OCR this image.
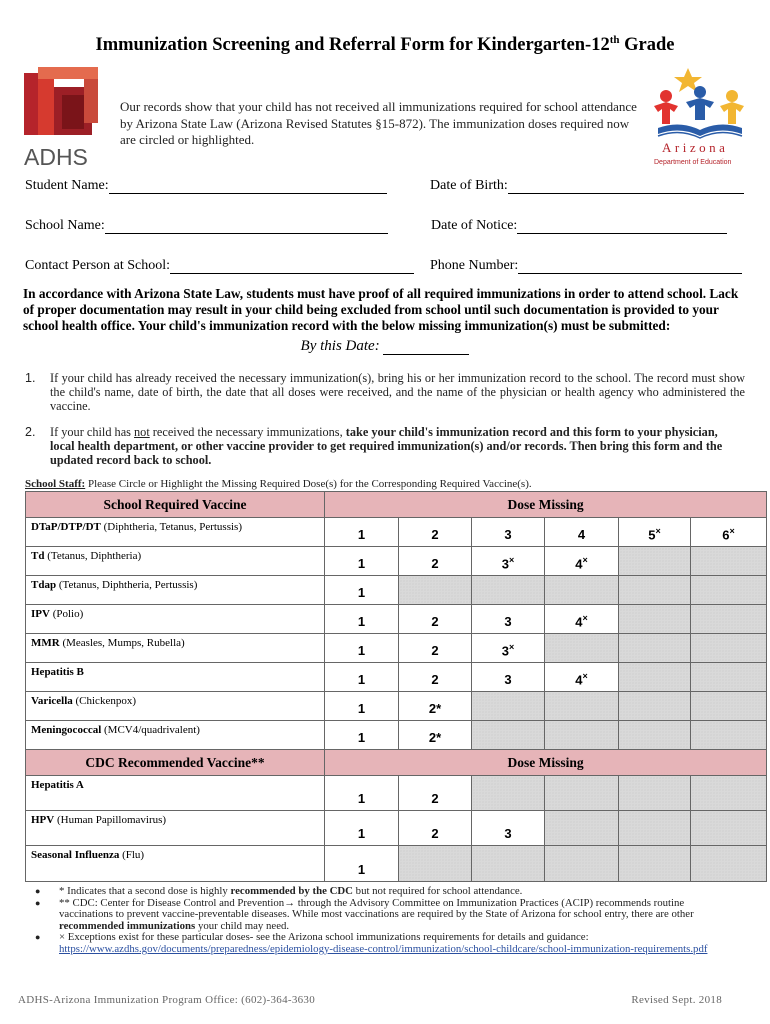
Immunization Screening and Referral Form for Kindergarten-12th Grade
ADHS	Arizona
Department of Education
Our records show that your child has not received all immunizations required for school attendance by Arizona State Law (Arizona Revised Statutes §15-872). The immunization doses required now are circled or highlighted.
Student Name:	Date of Birth:
School Name:	Date of Notice:
Contact Person at School:	Phone Number:
In accordance with Arizona State Law, students must have proof of all required immunizations in order to attend school. Lack of proper documentation may result in your child being excluded from school until such documentation is provided to your school health office. Your child's immunization record with the below missing immunization(s) must be submitted:
By this Date:
1. If your child has already received the necessary immunization(s), bring his or her immunization record to the school. The record must show the child's name, date of birth, the date that all doses were received, and the name of the physician or health agency who administered the vaccine.
2. If your child has not received the necessary immunizations, take your child's immunization record and this form to your physician, local health department, or other vaccine provider to get required immunization(s) and/or records. Then bring this form and the updated record back to school.
School Staff: Please Circle or Highlight the Missing Required Dose(s) for the Corresponding Required Vaccine(s).
School Required Vaccine	Dose Missing					
DTaP/DTP/DT (Diphtheria, Tetanus, Pertussis)	1	2	3	4	5×	6×
Td (Tetanus, Diphtheria)	1	2	3×	4×		
Tdap (Tetanus, Diphtheria, Pertussis)	1					
IPV (Polio)	1	2	3	4×		
MMR (Measles, Mumps, Rubella)	1	2	3×			
Hepatitis B	1	2	3	4×		
Varicella (Chickenpox)	1	2*				
Meningococcal (MCV4/quadrivalent)	1	2*				
CDC Recommended Vaccine**	Dose Missing					
Hepatitis A	1	2				
HPV (Human Papillomavirus)	1	2	3			
Seasonal Influenza (Flu)	1					
● * Indicates that a second dose is highly recommended by the CDC but not required for school attendance.
● ** CDC: Center for Disease Control and Prevention→ through the Advisory Committee on Immunization Practices (ACIP) recommends routine vaccinations to prevent vaccine-preventable diseases. While most vaccinations are required by the State of Arizona for school entry, there are other recommended immunizations your child may need.
● × Exceptions exist for these particular doses- see the Arizona school immunizations requirements for details and guidance: https://www.azdhs.gov/documents/preparedness/epidemiology-disease-control/immunization/school-childcare/school-immunization-requirements.pdf
ADHS-Arizona Immunization Program Office: (602)-364-3630	Revised Sept. 2018
